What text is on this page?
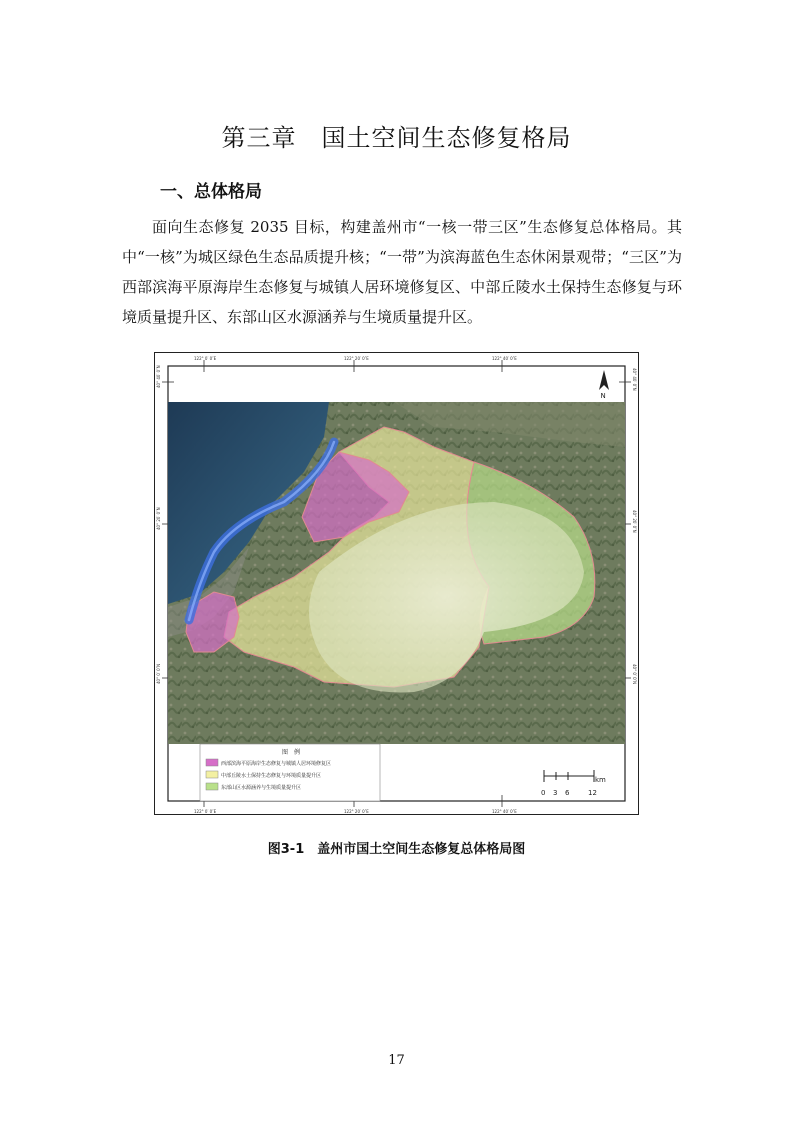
第三章　国土空间生态修复格局
一、总体格局

面向生态修复 2035 目标，构建盖州市“一核一带三区”生态修复总体格局。其中“一核”为城区绿色生态品质提升核；“一带”为滨海蓝色生态休闲景观带；“三区”为西部滨海平原海岸生态修复与城镇人居环境修复区、中部丘陵水土保持生态修复与环境质量提升区、东部山区水源涵养与生境质量提升区。

122° 0′ 0″E	122° 20′ 0″E	122° 40′ 0″E
122° 0′ 0″E	122° 20′ 0″E	122° 40′ 0″E
40° 40′ 0″N
40° 20′ 0″N
40° 0′ 0″N
40° 40′ 0″N
40° 20′ 0″N
40° 0′ 0″N
N
图　例
西部滨海平原海岸生态修复与城镇人居环境修复区
中部丘陵水土保持生态修复与环境质量提升区
东部山区水源涵养与生境质量提升区
km
0 3 6	12
图3-1　盖州市国土空间生态修复总体格局图
17
